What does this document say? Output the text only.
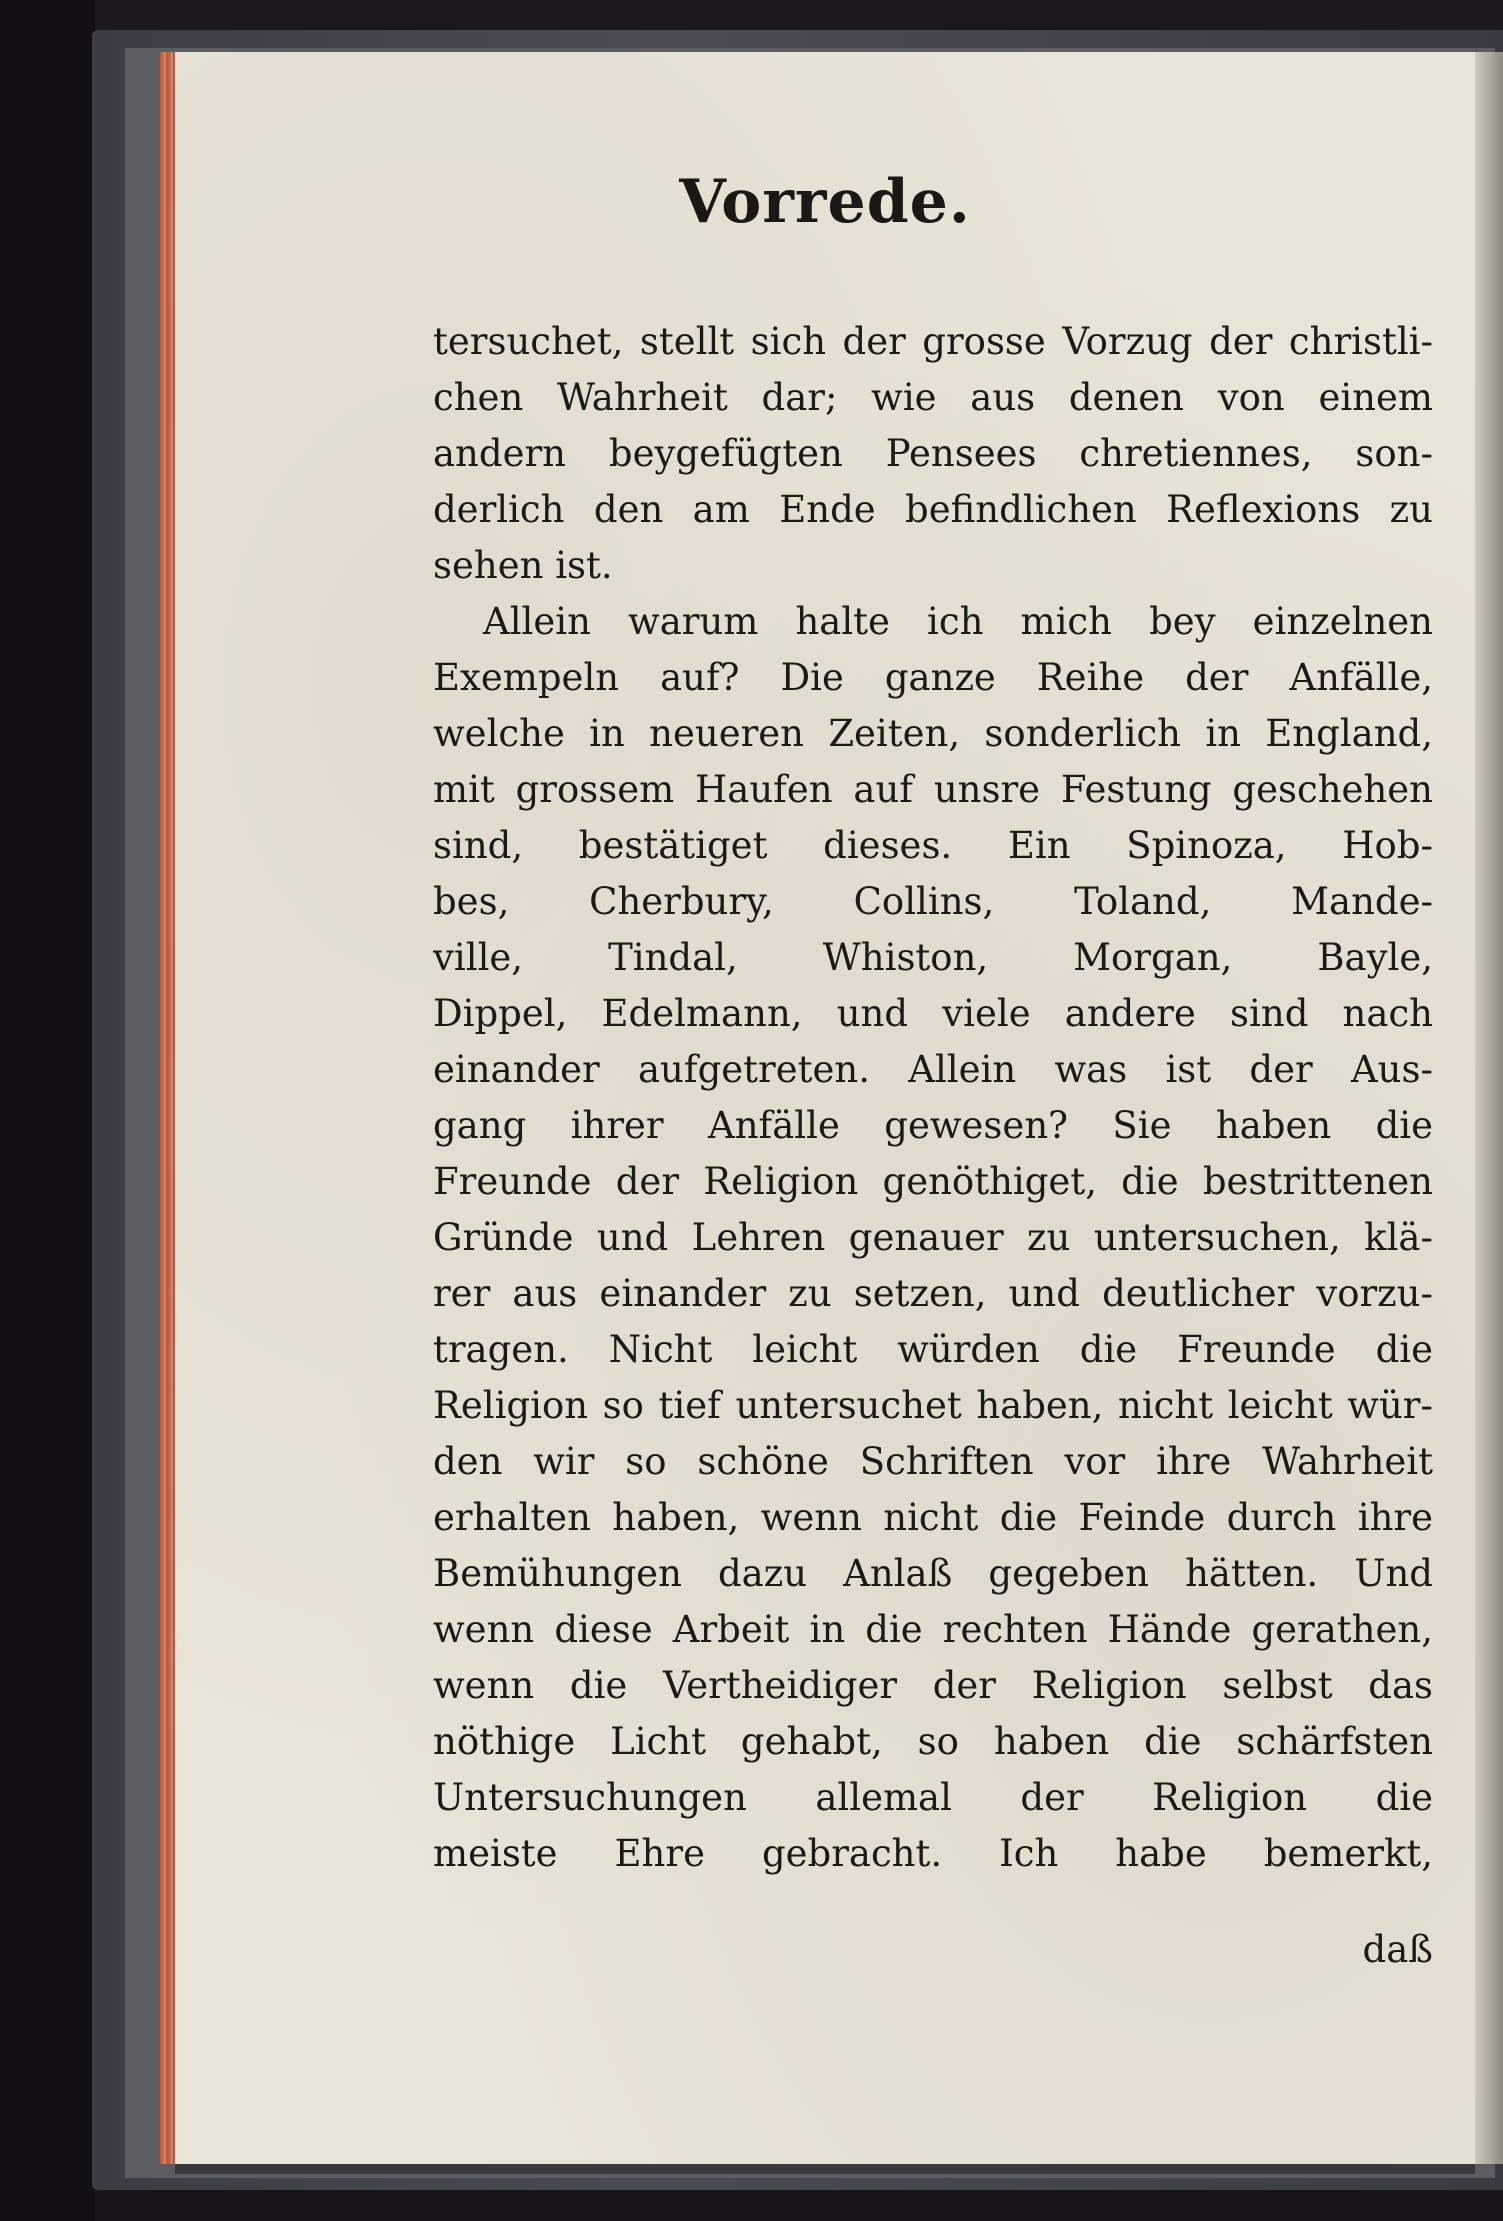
Vorrede.
tersuchet, stellt sich der grosse Vorzug der christli-
chen Wahrheit dar; wie aus denen von einem
andern beygefügten Pensees chretiennes, son-
derlich den am Ende befindlichen Reflexions zu
sehen ist.
Allein warum halte ich mich bey einzelnen
Exempeln auf? Die ganze Reihe der Anfälle,
welche in neueren Zeiten, sonderlich in England,
mit grossem Haufen auf unsre Festung geschehen
sind, bestätiget dieses. Ein Spinoza, Hob-
bes, Cherbury, Collins, Toland, Mande-
ville, Tindal, Whiston, Morgan, Bayle,
Dippel, Edelmann, und viele andere sind nach
einander aufgetreten. Allein was ist der Aus-
gang ihrer Anfälle gewesen? Sie haben die
Freunde der Religion genöthiget, die bestrittenen
Gründe und Lehren genauer zu untersuchen, klä-
rer aus einander zu setzen, und deutlicher vorzu-
tragen. Nicht leicht würden die Freunde die
Religion so tief untersuchet haben, nicht leicht wür-
den wir so schöne Schriften vor ihre Wahrheit
erhalten haben, wenn nicht die Feinde durch ihre
Bemühungen dazu Anlaß gegeben hätten. Und
wenn diese Arbeit in die rechten Hände gerathen,
wenn die Vertheidiger der Religion selbst das
nöthige Licht gehabt, so haben die schärfsten
Untersuchungen allemal der Religion die
meiste Ehre gebracht. Ich habe bemerkt,
daß
